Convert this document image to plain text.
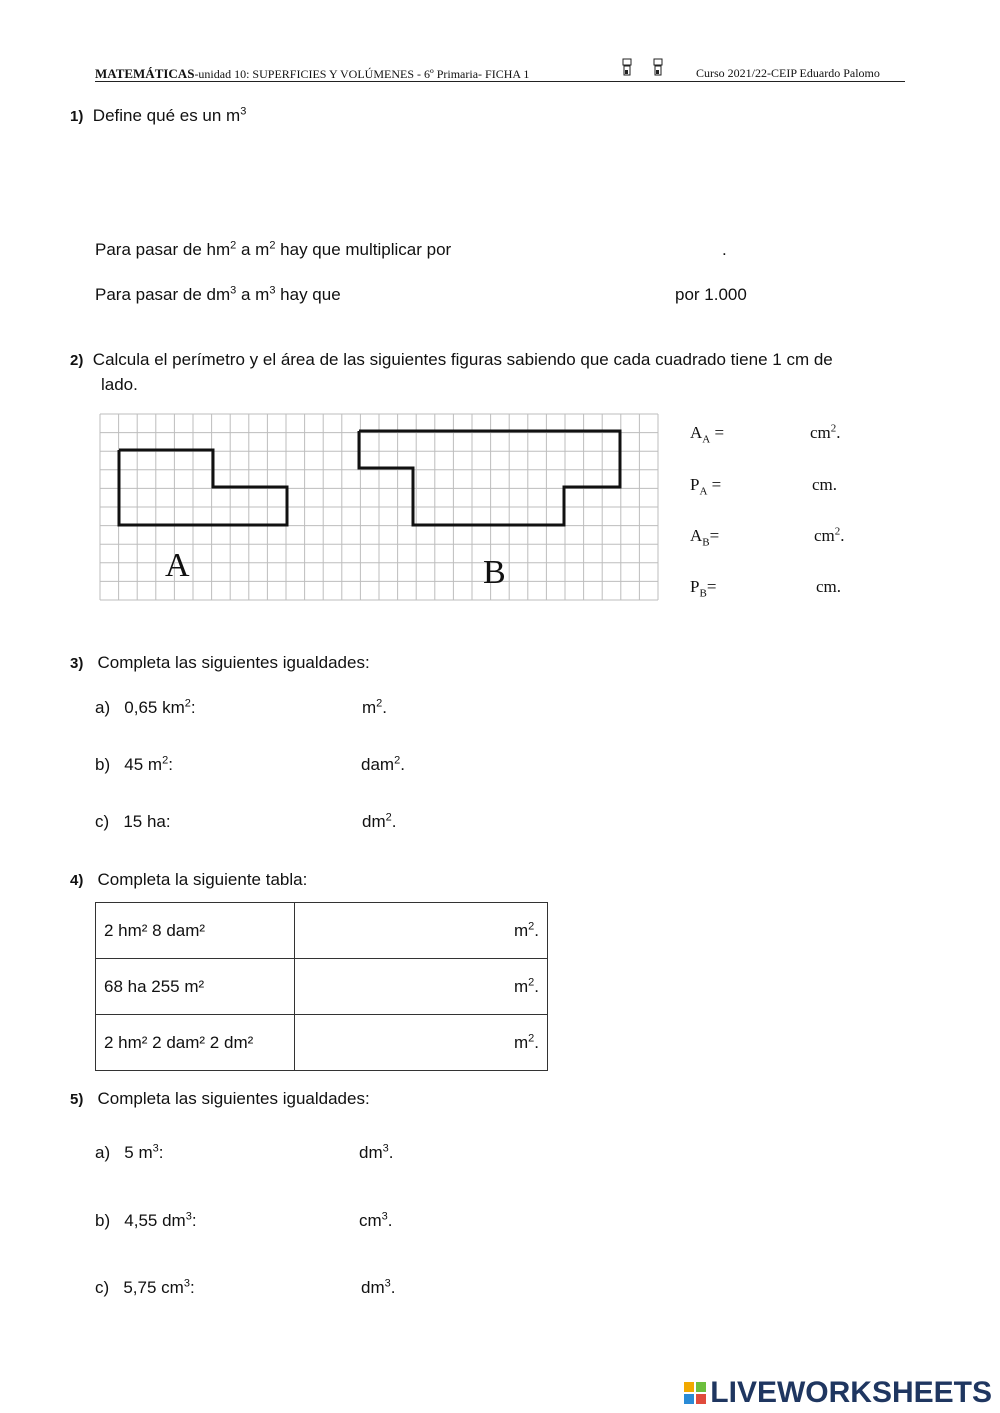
MATEMÁTICAS-unidad 10: SUPERFICIES Y VOLÚMENES - 6º Primaria- FICHA 1	Curso 2021/22-CEIP Eduardo Palomo
1) Define qué es un $m^3$
Para pasar de $hm^2$ a $m^2$ hay que multiplicar por	.
Para pasar de $dm^3$ a $m^3$ hay que	por 1.000
2) Calcula el perímetro y el área de las siguientes figuras sabiendo que cada cuadrado tiene 1 cm de
lado.
A	B
$A_A$ =	$cm^2$.
$P_A$ =	cm.
$A_B=$	$cm^2$.
$P_B=$	cm.
3) Completa las siguientes igualdades:
a) 0,65 $km^2$:	$m^2$.
b) 45 $m^2$:	dam$^2$.
c) 15 ha:	$dm^2$.
4) Completa la siguiente tabla:
2 hm² 8 dam²	$m^2$.
68 ha 255 m²	$m^2$.
2 hm² 2 dam² 2 dm²	$m^2$.
5) Completa las siguientes igualdades:
a) 5 $m^3$:	$dm^3$.
b) 4,55 $dm^3$:	$cm^3$.
c) 5,75 $cm^3$:	$dm^3$.
LIVEWORKSHEETS
